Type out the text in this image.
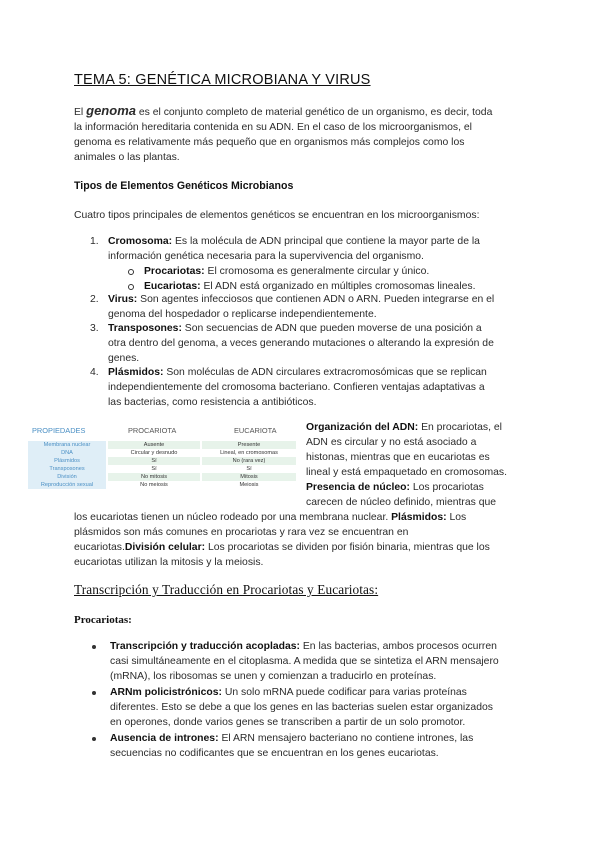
TEMA 5: GENÉTICA MICROBIANA Y VIRUS
El genoma es el conjunto completo de material genético de un organismo, es decir, toda
la información hereditaria contenida en su ADN. En el caso de los microorganismos, el
genoma es relativamente más pequeño que en organismos más complejos como los
animales o las plantas.
Tipos de Elementos Genéticos Microbianos
Cuatro tipos principales de elementos genéticos se encuentran en los microorganismos:
1. Cromosoma: Es la molécula de ADN principal que contiene la mayor parte de la
información genética necesaria para la supervivencia del organismo.
Procariotas: El cromosoma es generalmente circular y único.
Eucariotas: El ADN está organizado en múltiples cromosomas lineales.
2. Virus: Son agentes infecciosos que contienen ADN o ARN. Pueden integrarse en el
genoma del hospedador o replicarse independientemente.
3. Transposones: Son secuencias de ADN que pueden moverse de una posición a
otra dentro del genoma, a veces generando mutaciones o alterando la expresión de
genes.
4. Plásmidos: Son moléculas de ADN circulares extracromosómicas que se replican
independientemente del cromosoma bacteriano. Confieren ventajas adaptativas a
las bacterias, como resistencia a antibióticos.
PROPIEDADES	PROCARIOTA	EUCARIOTA
Membrana nuclear	Ausente	Presente
DNA	Circular y desnudo	Lineal, en cromosomas
Plásmidos	Sí	No (rara vez)
Transposones	Sí	Sí
División	No mitosis	Mitosis
Reproducción sexual	No meiosis	Meiosis
Organización del ADN: En procariotas, el
ADN es circular y no está asociado a
histonas, mientras que en eucariotas es
lineal y está empaquetado en cromosomas.
Presencia de núcleo: Los procariotas
carecen de núcleo definido, mientras que
los eucariotas tienen un núcleo rodeado por una membrana nuclear. Plásmidos: Los
plásmidos son más comunes en procariotas y rara vez se encuentran en
eucariotas.División celular: Los procariotas se dividen por fisión binaria, mientras que los
eucariotas utilizan la mitosis y la meiosis.
Transcripción y Traducción en Procariotas y Eucariotas:
Procariotas:
Transcripción y traducción acopladas: En las bacterias, ambos procesos ocurren
casi simultáneamente en el citoplasma. A medida que se sintetiza el ARN mensajero
(mRNA), los ribosomas se unen y comienzan a traducirlo en proteínas.
ARNm policistrónicos: Un solo mRNA puede codificar para varias proteínas
diferentes. Esto se debe a que los genes en las bacterias suelen estar organizados
en operones, donde varios genes se transcriben a partir de un solo promotor.
Ausencia de intrones: El ARN mensajero bacteriano no contiene intrones, las
secuencias no codificantes que se encuentran en los genes eucariotas.
